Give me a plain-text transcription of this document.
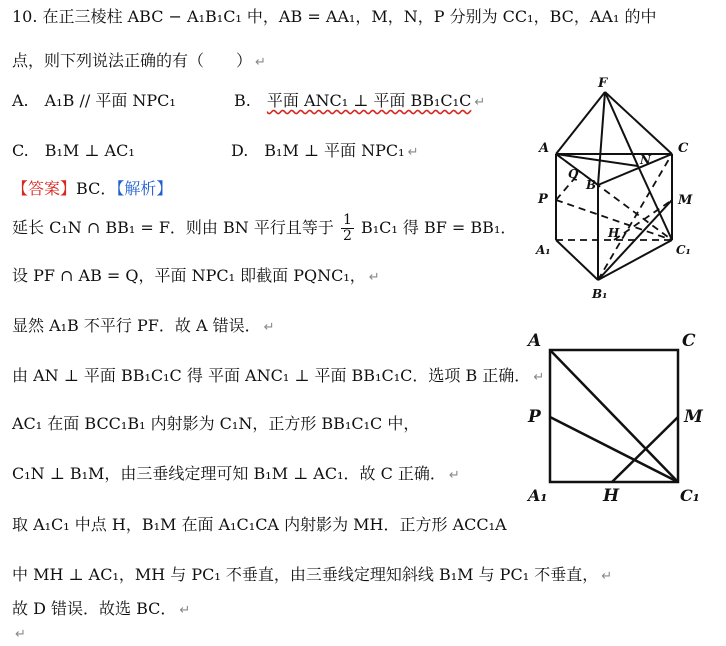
10. 在正三棱柱 ABC − A₁B₁C₁ 中，AB = AA₁，M，N，P 分别为 CC₁，BC，AA₁ 的中
点，则下列说法正确的有（　　） ↵
A.　A₁B // 平面 NPC₁	B.　平面 ANC₁ ⊥ 平面 BB₁C₁C ↵
C.　B₁M ⊥ AC₁	D.　B₁M ⊥ 平面 NPC₁ ↵
【答案】BC．【解析】
延长 C₁N ∩ BB₁ = F．则由 BN 平行且等于 $\frac{1}{2} B_1C_1$ 得 BF = BB₁．
设 PF ∩ AB = Q，平面 NPC₁ 即截面 PQNC₁， ↵
显然 A₁B 不平行 PF．故 A 错误． ↵
由 AN ⊥ 平面 BB₁C₁C 得 平面 ANC₁ ⊥ 平面 BB₁C₁C．选项 B 正确． ↵
AC₁ 在面 BCC₁B₁ 内射影为 C₁N，正方形 BB₁C₁C 中，
C₁N ⊥ B₁M，由三垂线定理可知 B₁M ⊥ AC₁．故 C 正确． ↵
取 A₁C₁ 中点 H，B₁M 在面 A₁C₁CA 内射影为 MH．正方形 ACC₁A
中 MH ⊥ AC₁，MH 与 PC₁ 不垂直，由三垂线定理知斜线 B₁M 与 PC₁ 不垂直， ↵
故 D 错误．故选 BC． ↵
↵
F
A	C
N
Q
B
P	M
H
A₁	C₁
B₁
A	C
P	M
A₁	H	C₁
